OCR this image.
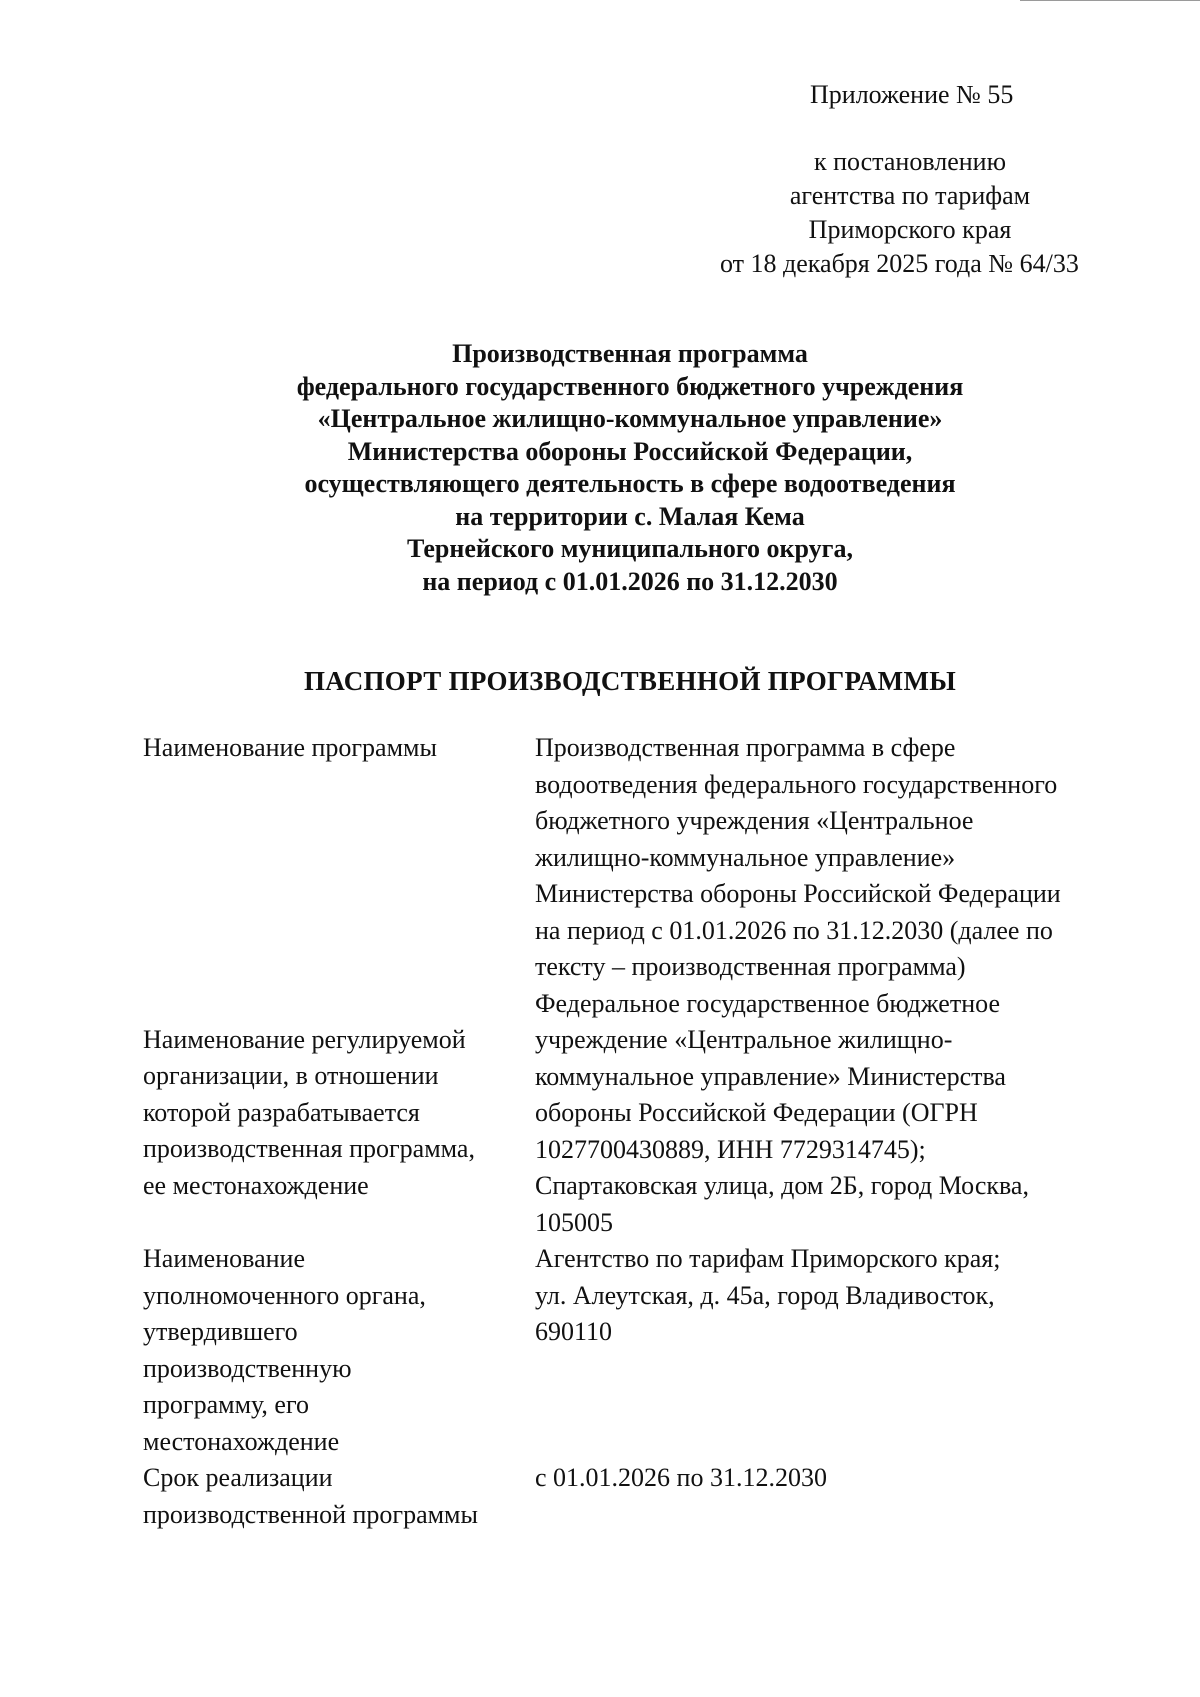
Приложение № 55
к постановлению
агентства по тарифам
Приморского края
от 18 декабря 2025 года № 64/33
Производственная программа
федерального государственного бюджетного учреждения
«Центральное жилищно-коммунальное управление»
Министерства обороны Российской Федерации,
осуществляющего деятельность в сфере водоотведения
на территории с. Малая Кема
Тернейского муниципального округа,
на период с 01.01.2026 по 31.12.2030
ПАСПОРТ ПРОИЗВОДСТВЕННОЙ ПРОГРАММЫ
Наименование программы	Производственная программа в сфере
водоотведения федерального государственного
бюджетного учреждения «Центральное
жилищно-коммунальное управление»
Министерства обороны Российской Федерации
на период с 01.01.2026 по 31.12.2030 (далее по
тексту – производственная программа)
Наименование регулируемой
организации, в отношении
которой разрабатывается
производственная программа,
ее местонахождение
Федеральное государственное бюджетное
учреждение «Центральное жилищно-
коммунальное управление» Министерства
обороны Российской Федерации (ОГРН
1027700430889, ИНН 7729314745);
Спартаковская улица, дом 2Б, город Москва,
105005
Наименование
уполномоченного органа,
утвердившего
производственную
программу, его
местонахождение
Агентство по тарифам Приморского края;
ул. Алеутская, д. 45а, город Владивосток,
690110
Срок реализации
производственной программы
с 01.01.2026 по 31.12.2030
